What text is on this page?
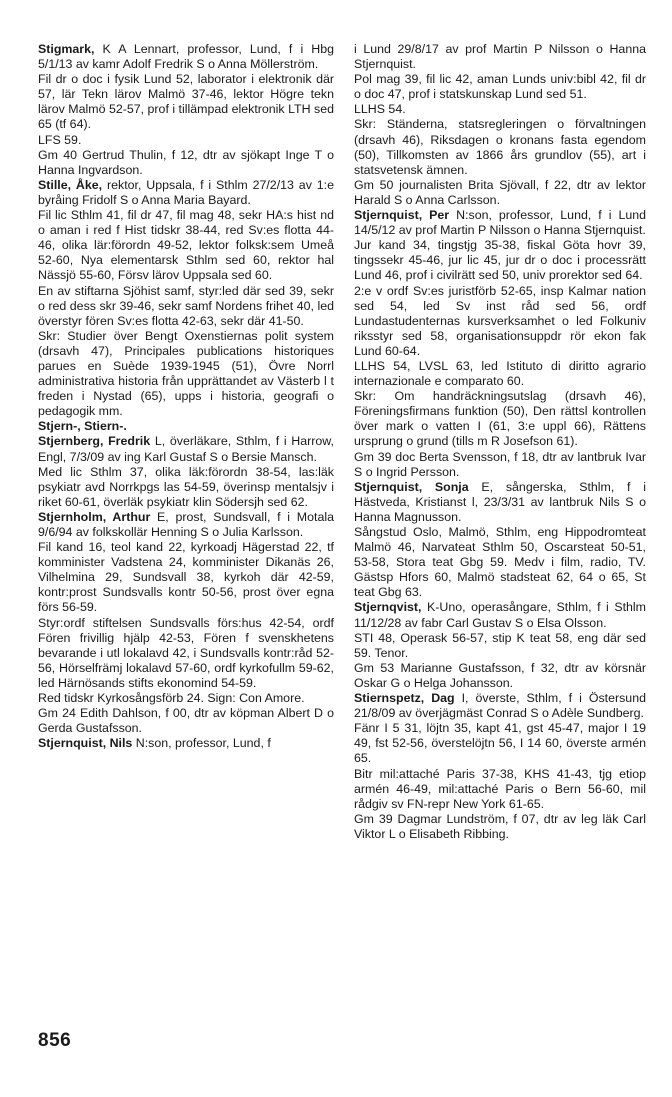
Stigmark, K A Lennart, professor, Lund, f i Hbg 5/1/13 av kamr Adolf Fredrik S o Anna Möllerström.

Fil dr o doc i fysik Lund 52, laborator i elektronik där 57, lär Tekn lärov Malmö 37-46, lektor Högre tekn lärov Malmö 52-57, prof i tillämpad elektronik LTH sed 65 (tf 64).

LFS 59.

Gm 40 Gertrud Thulin, f 12, dtr av sjökapt Inge T o Hanna Ingvardson.

Stille, Åke, rektor, Uppsala, f i Sthlm 27/2/13 av 1:e byråing Fridolf S o Anna Maria Bayard.

Fil lic Sthlm 41, fil dr 47, fil mag 48, sekr HA:s hist nd o aman i red f Hist tidskr 38-44, red Sv:es flotta 44-46, olika lär:förordn 49-52, lektor folksk:sem Umeå 52-60, Nya elementarsk Sthlm sed 60, rektor hal Nässjö 55-60, Försv lärov Uppsala sed 60.

En av stiftarna Sjöhist samf, styr:led där sed 39, sekr o red dess skr 39-46, sekr samf Nordens frihet 40, led överstyr fören Sv:es flotta 42-63, sekr där 41-50.

Skr: Studier över Bengt Oxenstiernas polit system (drsavh 47), Principales publications historiques parues en Suède 1939-1945 (51), Övre Norrl administrativa historia från upprättandet av Västerb l t freden i Nystad (65), upps i historia, geografi o pedagogik mm.

Stjern-, Stiern-.

Stjernberg, Fredrik L, överläkare, Sthlm, f i Harrow, Engl, 7/3/09 av ing Karl Gustaf S o Bersie Mansch.

Med lic Sthlm 37, olika läk:förordn 38-54, las:läk psykiatr avd Norrkpgs las 54-59, överinsp mentalsjv i riket 60-61, överläk psykiatr klin Södersjh sed 62.

Stjernholm, Arthur E, prost, Sundsvall, f i Motala 9/6/94 av folkskollär Henning S o Julia Karlsson.

Fil kand 16, teol kand 22, kyrkoadj Hägerstad 22, tf komminister Vadstena 24, komminister Dikanäs 26, Vilhelmina 29, Sundsvall 38, kyrkoh där 42-59, kontr:prost Sundsvalls kontr 50-56, prost över egna förs 56-59.

Styr:ordf stiftelsen Sundsvalls förs:hus 42-54, ordf Fören frivillig hjälp 42-53, Fören f svenskhetens bevarande i utl lokalavd 42, i Sundsvalls kontr:råd 52-56, Hörselfrämj lokalavd 57-60, ordf kyrkofullm 59-62, led Härnösands stifts ekonomind 54-59.

Red tidskr Kyrkosångsförb 24. Sign: Con Amore.

Gm 24 Edith Dahlson, f 00, dtr av köpman Albert D o Gerda Gustafsson.

Stjernquist, Nils N:son, professor, Lund, f

i Lund 29/8/17 av prof Martin P Nilsson o Hanna Stjernquist.

Pol mag 39, fil lic 42, aman Lunds univ:bibl 42, fil dr o doc 47, prof i statskunskap Lund sed 51.

LLHS 54.

Skr: Ständerna, statsregleringen o förvaltningen (drsavh 46), Riksdagen o kronans fasta egendom (50), Tillkomsten av 1866 års grundlov (55), art i statsvetensk ämnen.

Gm 50 journalisten Brita Sjövall, f 22, dtr av lektor Harald S o Anna Carlsson.

Stjernquist, Per N:son, professor, Lund, f i Lund 14/5/12 av prof Martin P Nilsson o Hanna Stjernquist.

Jur kand 34, tingstjg 35-38, fiskal Göta hovr 39, tingssekr 45-46, jur lic 45, jur dr o doc i processrätt Lund 46, prof i civilrätt sed 50, univ prorektor sed 64.

2:e v ordf Sv:es juristförb 52-65, insp Kalmar nation sed 54, led Sv inst råd sed 56, ordf Lundastudenternas kursverksamhet o led Folkuniv riksstyr sed 58, organisationsuppdr rör ekon fak Lund 60-64.

LLHS 54, LVSL 63, led Istituto di diritto agrario internazionale e comparato 60.

Skr: Om handräckningsutslag (drsavh 46), Föreningsfirmans funktion (50), Den rättsl kontrollen över mark o vatten I (61, 3:e uppl 66), Rättens ursprung o grund (tills m R Josefson 61).

Gm 39 doc Berta Svensson, f 18, dtr av lantbruk Ivar S o Ingrid Persson.

Stjernquist, Sonja E, sångerska, Sthlm, f i Hästveda, Kristianst l, 23/3/31 av lantbruk Nils S o Hanna Magnusson.

Sångstud Oslo, Malmö, Sthlm, eng Hippodromteat Malmö 46, Narvateat Sthlm 50, Oscarsteat 50-51, 53-58, Stora teat Gbg 59. Medv i film, radio, TV. Gästsp Hfors 60, Malmö stadsteat 62, 64 o 65, St teat Gbg 63.

Stjernqvist, K-Uno, operasångare, Sthlm, f i Sthlm 11/12/28 av fabr Carl Gustav S o Elsa Olsson.

STI 48, Operask 56-57, stip K teat 58, eng där sed 59. Tenor.

Gm 53 Marianne Gustafsson, f 32, dtr av körsnär Oskar G o Helga Johansson.

Stiernspetz, Dag I, överste, Sthlm, f i Östersund 21/8/09 av överjägmäst Conrad S o Adèle Sundberg.

Fänr I 5 31, löjtn 35, kapt 41, gst 45-47, major I 19 49, fst 52-56, överstelöjtn 56, I 14 60, överste armén 65.

Bitr mil:attaché Paris 37-38, KHS 41-43, tjg etiop armén 46-49, mil:attaché Paris o Bern 56-60, mil rådgiv sv FN-repr New York 61-65.

Gm 39 Dagmar Lundström, f 07, dtr av leg läk Carl Viktor L o Elisabeth Ribbing.

856
